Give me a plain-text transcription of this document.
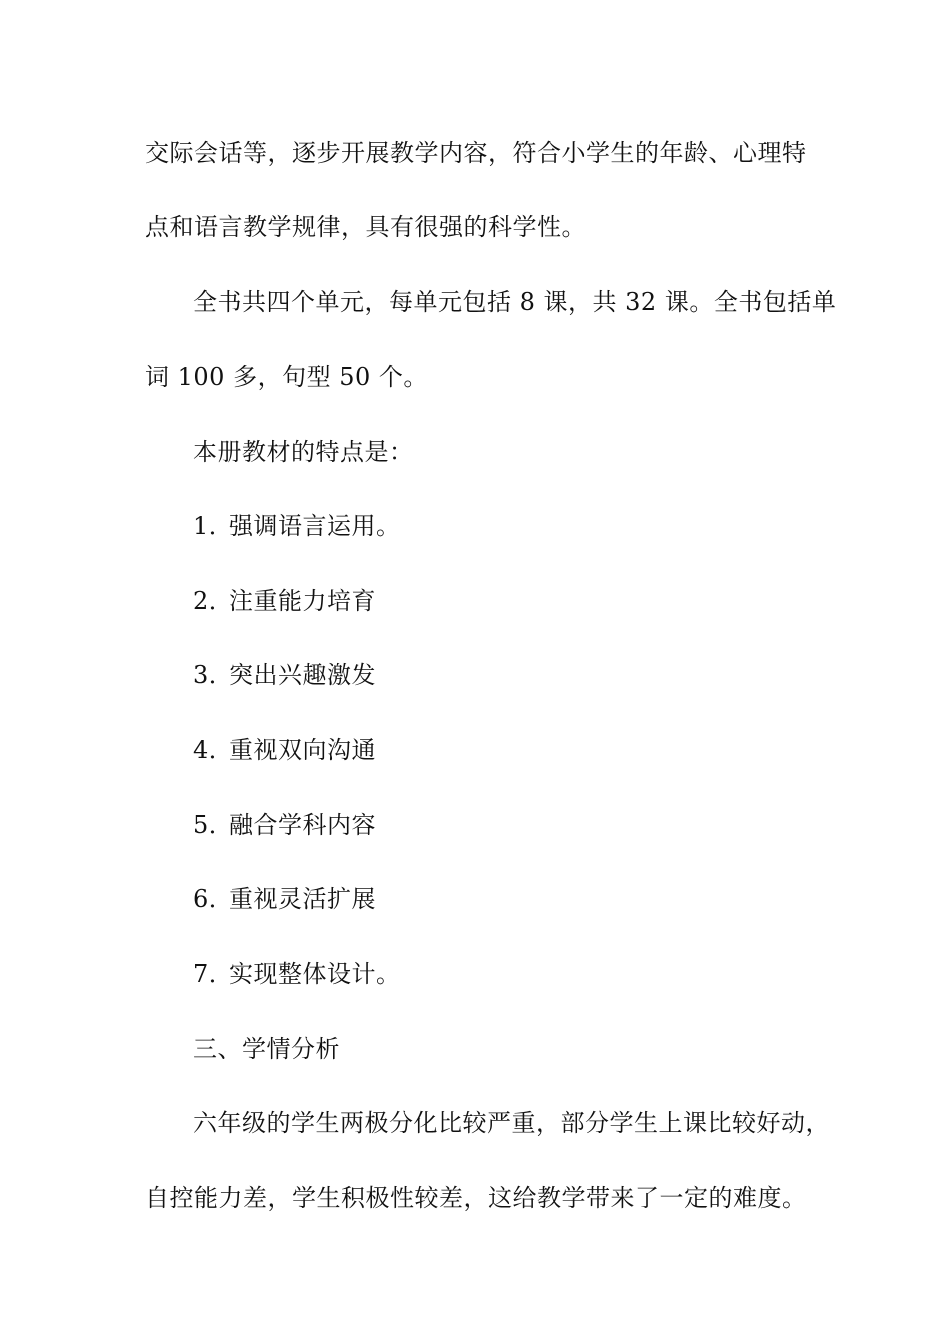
交际会话等，逐步开展教学内容，符合小学生的年龄、心理特
点和语言教学规律，具有很强的科学性。
全书共四个单元，每单元包括 8 课，共 32 课。全书包括单
词 100 多，句型 50 个。
本册教材的特点是：
1．强调语言运用。
2．注重能力培育
3．突出兴趣激发
4．重视双向沟通
5．融合学科内容
6．重视灵活扩展
7．实现整体设计。
三、学情分析
六年级的学生两极分化比较严重，部分学生上课比较好动，
自控能力差，学生积极性较差，这给教学带来了一定的难度。
